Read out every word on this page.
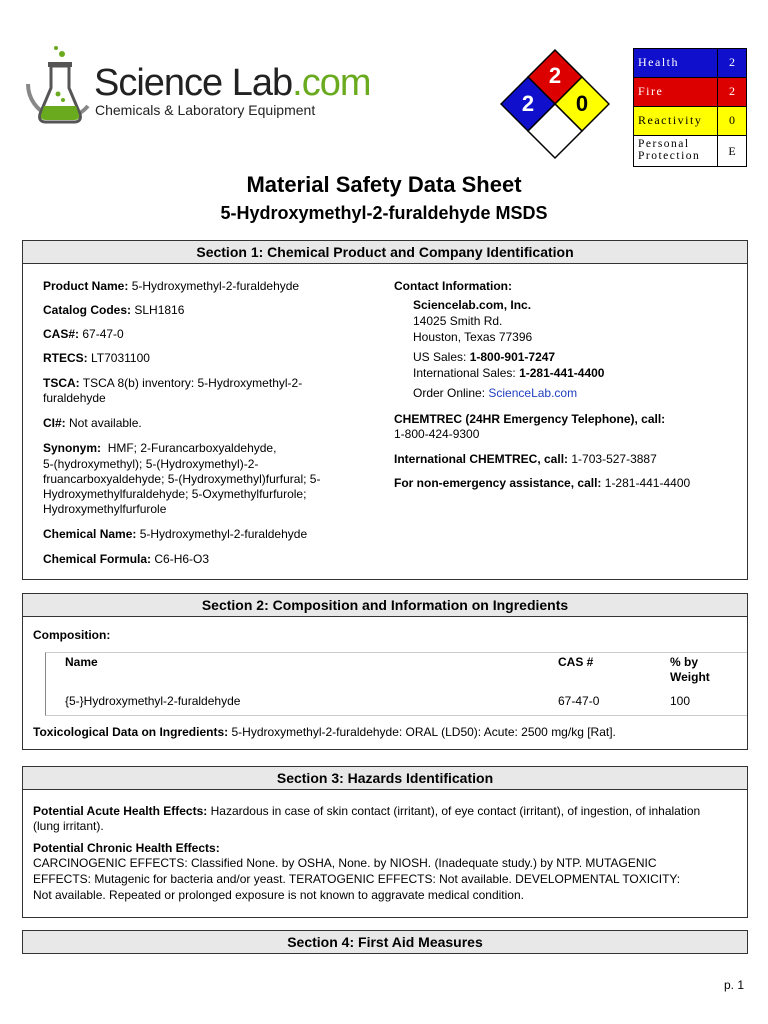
Science Lab.com
Chemicals & Laboratory Equipment
2
2 0
Health	2
Fire	2
Reactivity	0
Personal Protection	E
Material Safety Data Sheet
5-Hydroxymethyl-2-furaldehyde MSDS
Section 1: Chemical Product and Company Identification
Product Name: 5-Hydroxymethyl-2-furaldehyde
Catalog Codes: SLH1816
CAS#: 67-47-0
RTECS: LT7031100
TSCA: TSCA 8(b) inventory: 5-Hydroxymethyl-2-
furaldehyde
CI#: Not available.
Synonym: HMF; 2-Furancarboxyaldehyde,
5-(hydroxymethyl); 5-(Hydroxymethyl)-2-
fruancarboxyaldehyde; 5-(Hydroxymethyl)furfural; 5-
Hydroxymethylfuraldehyde; 5-Oxymethylfurfurole;
Hydroxymethylfurfurole
Chemical Name: 5-Hydroxymethyl-2-furaldehyde
Chemical Formula: C6-H6-O3
Contact Information:
Sciencelab.com, Inc.
14025 Smith Rd.
Houston, Texas 77396
US Sales: 1-800-901-7247
International Sales: 1-281-441-4400
Order Online: ScienceLab.com
CHEMTREC (24HR Emergency Telephone), call:
1-800-424-9300
International CHEMTREC, call: 1-703-527-3887
For non-emergency assistance, call: 1-281-441-4400
Section 2: Composition and Information on Ingredients
Composition:
Name	CAS #	% by
Weight
{5-}Hydroxymethyl-2-furaldehyde	67-47-0	100
Toxicological Data on Ingredients: 5-Hydroxymethyl-2-furaldehyde: ORAL (LD50): Acute: 2500 mg/kg [Rat].
Section 3: Hazards Identification
Potential Acute Health Effects: Hazardous in case of skin contact (irritant), of eye contact (irritant), of ingestion, of inhalation
(lung irritant).
Potential Chronic Health Effects:
CARCINOGENIC EFFECTS: Classified None. by OSHA, None. by NIOSH. (Inadequate study.) by NTP. MUTAGENIC
EFFECTS: Mutagenic for bacteria and/or yeast. TERATOGENIC EFFECTS: Not available. DEVELOPMENTAL TOXICITY:
Not available. Repeated or prolonged exposure is not known to aggravate medical condition.
Section 4: First Aid Measures
p. 1
